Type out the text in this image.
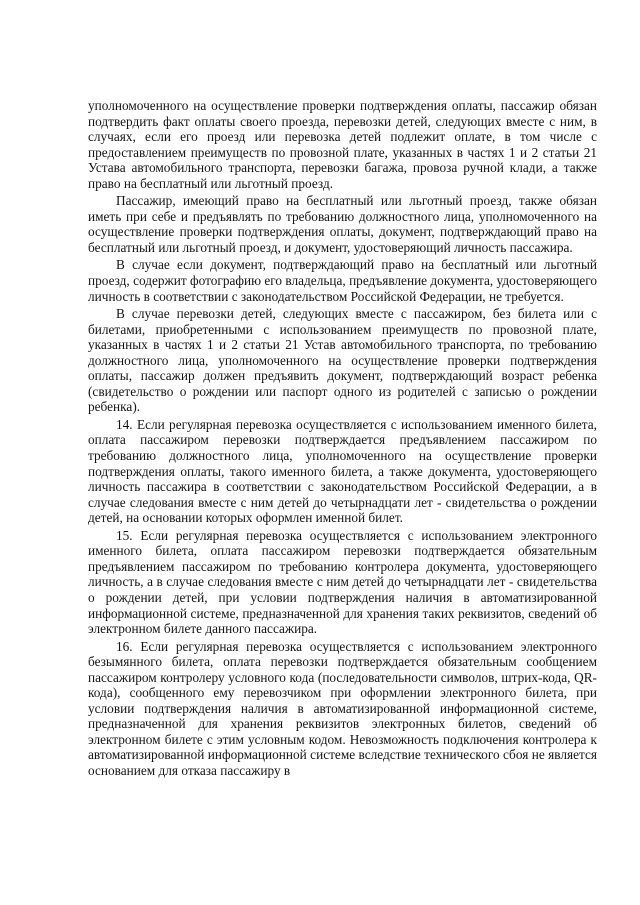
уполномоченного на осуществление проверки подтверждения оплаты, пассажир обязан подтвердить факт оплаты своего проезда, перевозки детей, следующих вместе с ним, в случаях, если его проезд или перевозка детей подлежит оплате, в том числе с предоставлением преимуществ по провозной плате, указанных в частях 1 и 2 статьи 21 Устава автомобильного транспорта, перевозки багажа, провоза ручной клади, а также право на бесплатный или льготный проезд.

Пассажир, имеющий право на бесплатный или льготный проезд, также обязан иметь при себе и предъявлять по требованию должностного лица, уполномоченного на осуществление проверки подтверждения оплаты, документ, подтверждающий право на бесплатный или льготный проезд, и документ, удостоверяющий личность пассажира.

В случае если документ, подтверждающий право на бесплатный или льготный проезд, содержит фотографию его владельца, предъявление документа, удостоверяющего личность в соответствии с законодательством Российской Федерации, не требуется.

В случае перевозки детей, следующих вместе с пассажиром, без билета или с билетами, приобретенными с использованием преимуществ по провозной плате, указанных в частях 1 и 2 статьи 21 Устав автомобильного транспорта, по требованию должностного лица, уполномоченного на осуществление проверки подтверждения оплаты, пассажир должен предъявить документ, подтверждающий возраст ребенка (свидетельство о рождении или паспорт одного из родителей с записью о рождении ребенка).

14. Если регулярная перевозка осуществляется с использованием именного билета, оплата пассажиром перевозки подтверждается предъявлением пассажиром по требованию должностного лица, уполномоченного на осуществление проверки подтверждения оплаты, такого именного билета, а также документа, удостоверяющего личность пассажира в соответствии с законодательством Российской Федерации, а в случае следования вместе с ним детей до четырнадцати лет - свидетельства о рождении детей, на основании которых оформлен именной билет.

15. Если регулярная перевозка осуществляется с использованием электронного именного билета, оплата пассажиром перевозки подтверждается обязательным предъявлением пассажиром по требованию контролера документа, удостоверяющего личность, а в случае следования вместе с ним детей до четырнадцати лет - свидетельства о рождении детей, при условии подтверждения наличия в автоматизированной информационной системе, предназначенной для хранения таких реквизитов, сведений об электронном билете данного пассажира.

16. Если регулярная перевозка осуществляется с использованием электронного безымянного билета, оплата перевозки подтверждается обязательным сообщением пассажиром контролеру условного кода (последовательности символов, штрих-кода, QR-кода), сообщенного ему перевозчиком при оформлении электронного билета, при условии подтверждения наличия в автоматизированной информационной системе, предназначенной для хранения реквизитов электронных билетов, сведений об электронном билете с этим условным кодом. Невозможность подключения контролера к автоматизированной информационной системе вследствие технического сбоя не является основанием для отказа пассажиру в
